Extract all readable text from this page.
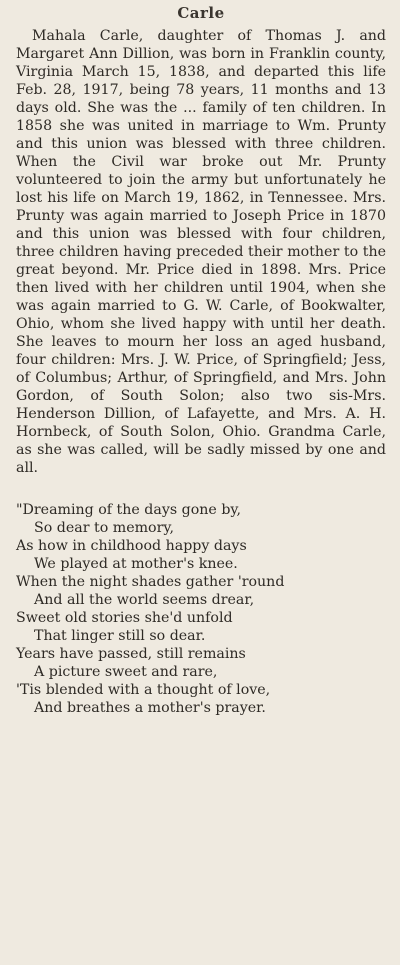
Carle

Mahala Carle, daughter of Thomas J. and Margaret Ann Dillion, was born in Franklin county, Virginia March 15, 1838, and departed this life Feb. 28, 1917, being 78 years, 11 months and 13 days old. She was the ... family of ten children. In 1858 she was united in marriage to Wm. Prunty and this union was blessed with three children. When the Civil war broke out Mr. Prunty volunteered to join the army but unfortunately he lost his life on March 19, 1862, in Tennessee. Mrs. Prunty was again married to Joseph Price in 1870 and this union was blessed with four children, three children having preceded their mother to the great beyond. Mr. Price died in 1898. Mrs. Price then lived with her children until 1904, when she was again married to G. W. Carle, of Bookwalter, Ohio, whom she lived happy with until her death. She leaves to mourn her loss an aged husband, four children: Mrs. J. W. Price, of Springfield; Jess, of Columbus; Arthur, of Springfield, and Mrs. John Gordon, of South Solon; also two sis-Mrs. Henderson Dillion, of Lafayette, and Mrs. A. H. Hornbeck, of South Solon, Ohio. Grandma Carle, as she was called, will be sadly missed by one and all.

"Dreaming of the days gone by,
So dear to memory,
As how in childhood happy days
We played at mother's knee.
When the night shades gather 'round
And all the world seems drear,
Sweet old stories she'd unfold
That linger still so dear.
Years have passed, still remains
A picture sweet and rare,
'Tis blended with a thought of love,
And breathes a mother's prayer.
